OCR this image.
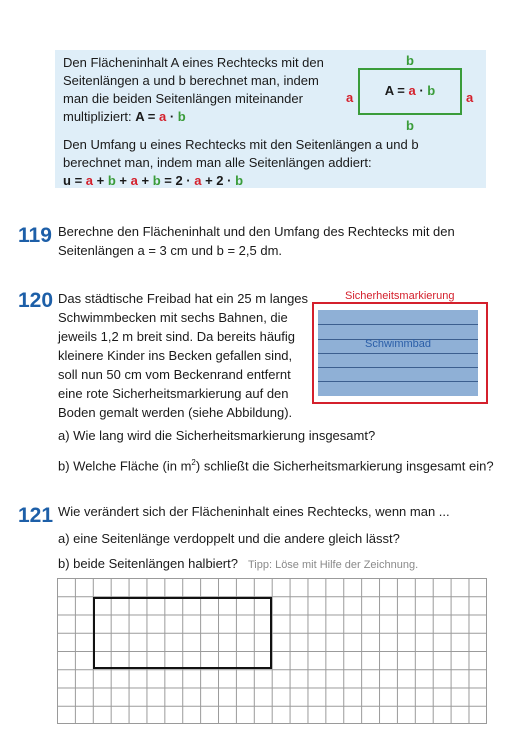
Den Flächeninhalt A eines Rechtecks mit den
Seitenlängen a und b berechnet man, indem
man die beiden Seitenlängen miteinander
multipliziert: A = a · b
Den Umfang u eines Rechtecks mit den Seitenlängen a und b
berechnet man, indem man alle Seitenlängen addiert:
u = a + b + a + b = 2 · a + 2 · b
b
b
a	a
A = a · b
119 Berechne den Flächeninhalt und den Umfang des Rechtecks mit den
Seitenlängen a = 3 cm und b = 2,5 dm.
120 Das städtische Freibad hat ein 25 m langes
Schwimmbecken mit sechs Bahnen, die
jeweils 1,2 m breit sind. Da bereits häufig
kleinere Kinder ins Becken gefallen sind,
soll nun 50 cm vom Beckenrand entfernt
eine rote Sicherheitsmarkierung auf den
Boden gemalt werden (siehe Abbildung).
Sicherheitsmarkierung
Schwimmbad
a) Wie lang wird die Sicherheitsmarkierung insgesamt?
b) Welche Fläche (in $m^2$) schließt die Sicherheitsmarkierung insgesamt ein?
121 Wie verändert sich der Flächeninhalt eines Rechtecks, wenn man ...
a) eine Seitenlänge verdoppelt und die andere gleich lässt?
b) beide Seitenlängen halbiert? Tipp: Löse mit Hilfe der Zeichnung.
